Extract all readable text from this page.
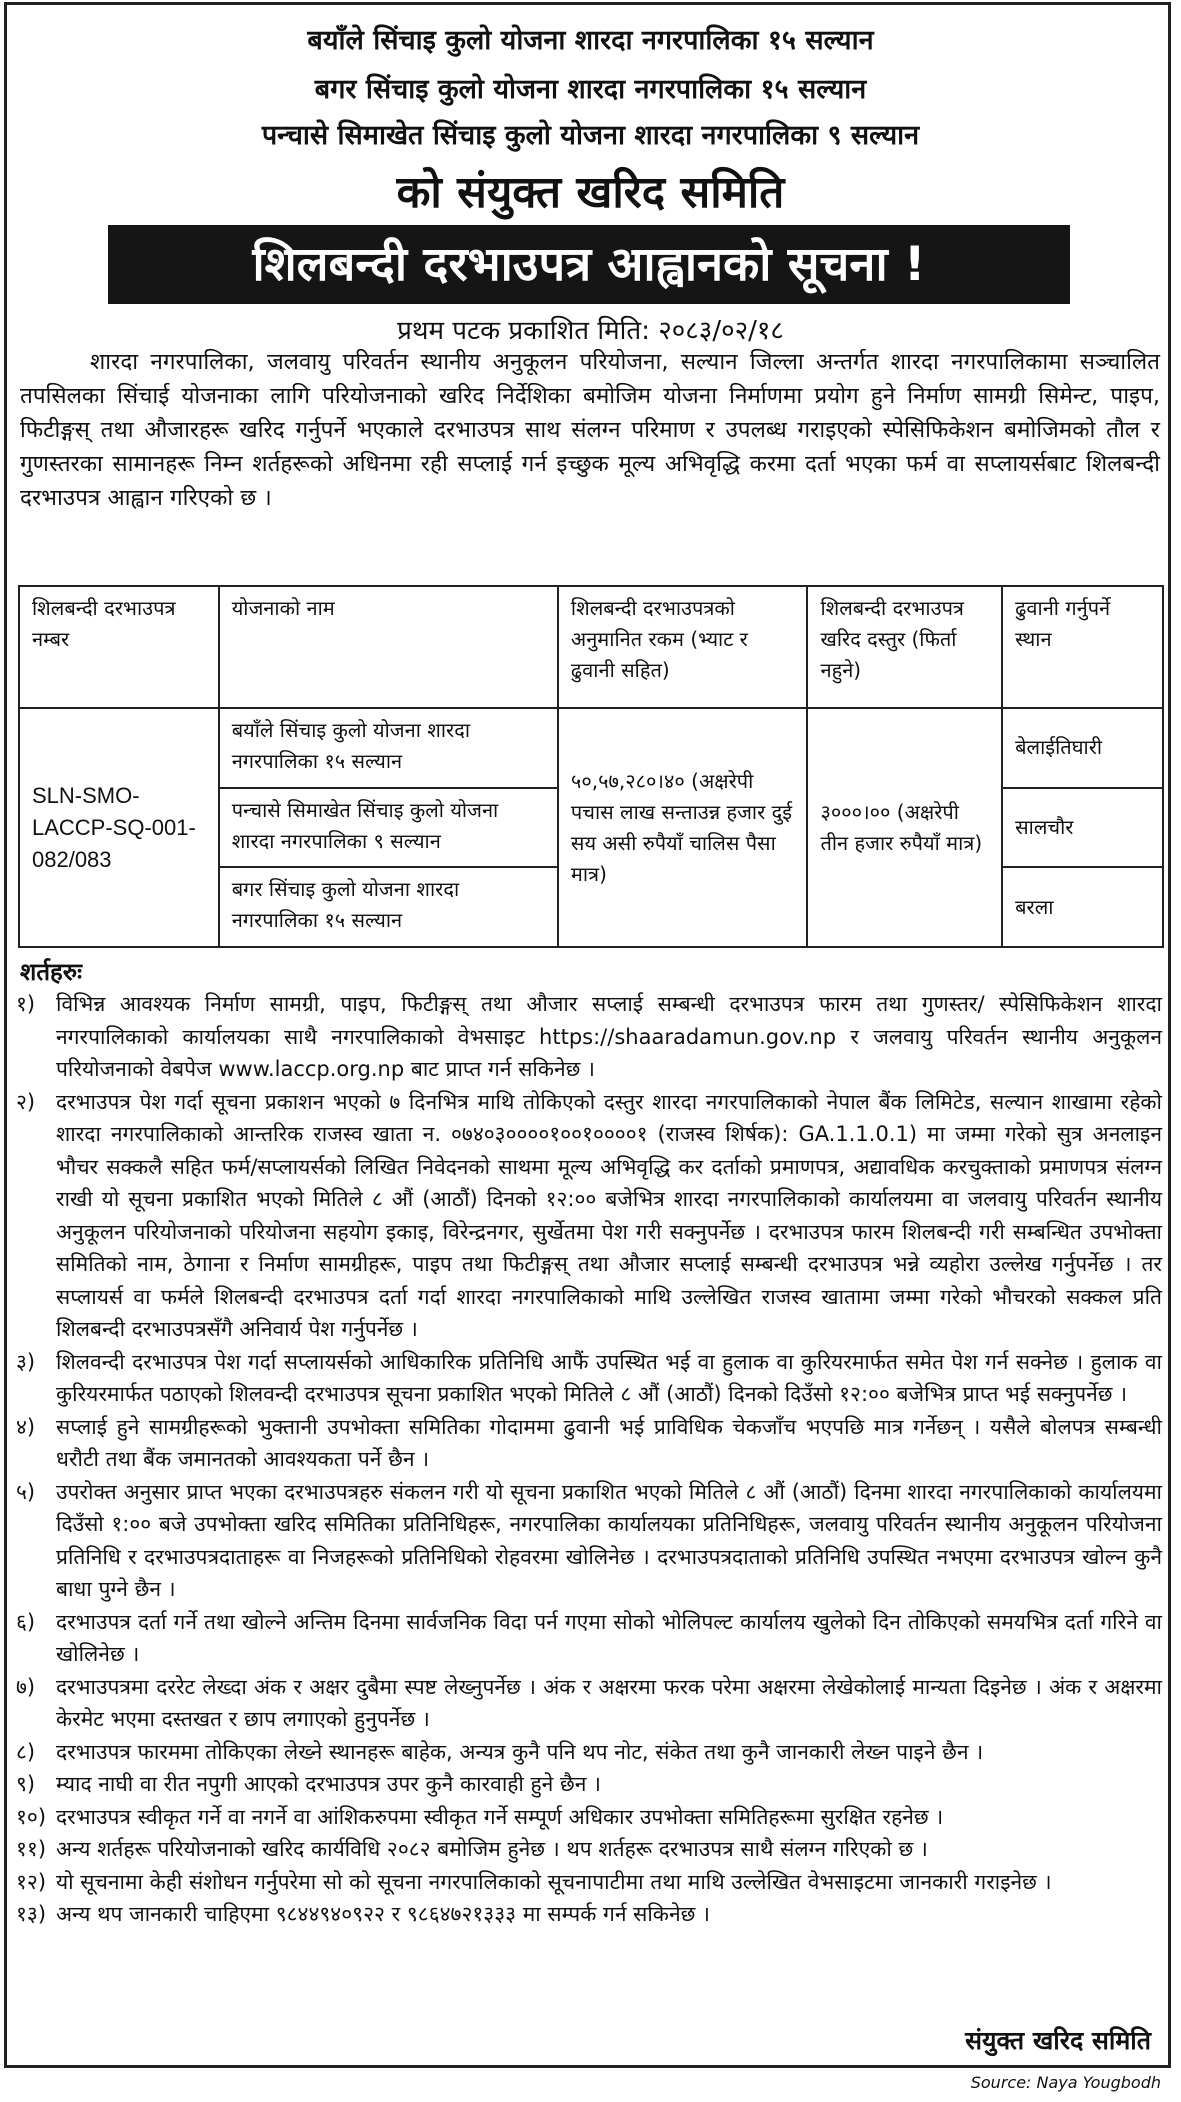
बयाँले सिंचाइ कुलो योजना शारदा नगरपालिका १५ सल्यान
बगर सिंचाइ कुलो योजना शारदा नगरपालिका १५ सल्यान
पन्चासे सिमाखेत सिंचाइ कुलो योजना शारदा नगरपालिका ९ सल्यान
को संयुक्त खरिद समिति
शिलबन्दी दरभाउपत्र आह्वानको सूचना !
प्रथम पटक प्रकाशित मिति: २०८३/०२/१८
शारदा नगरपालिका, जलवायु परिवर्तन स्थानीय अनुकूलन परियोजना, सल्यान जिल्ला अन्तर्गत शारदा नगरपालिकामा सञ्चालित तपसिलका सिंचाई योजनाका लागि परियोजनाको खरिद निर्देशिका बमोजिम योजना निर्माणमा प्रयोग हुने निर्माण सामग्री सिमेन्ट, पाइप, फिटीङ्गस् तथा औजारहरू खरिद गर्नुपर्ने भएकाले दरभाउपत्र साथ संलग्न परिमाण र उपलब्ध गराइएको स्पेसिफिकेशन बमोजिमको तौल र गुणस्तरका सामानहरू निम्न शर्तहरूको अधिनमा रही सप्लाई गर्न इच्छुक मूल्य अभिवृद्धि करमा दर्ता भएका फर्म वा सप्लायर्सबाट शिलबन्दी दरभाउपत्र आह्वान गरिएको छ ।
शिलबन्दी दरभाउपत्र नम्बर	योजनाको नाम	शिलबन्दी दरभाउपत्रको अनुमानित रकम (भ्याट र ढुवानी सहित)	शिलबन्दी दरभाउपत्र खरिद दस्तुर (फिर्ता नहुने)	ढुवानी गर्नुपर्ने स्थान
SLN-SMO-LACCP-SQ-001-082/083	बयाँले सिंचाइ कुलो योजना शारदा नगरपालिका १५ सल्यान	५०,५७,२८०।४० (अक्षरेपी पचास लाख सन्ताउन्न हजार दुई सय असी रुपैयाँ चालिस पैसा मात्र)	३०००।०० (अक्षरेपी तीन हजार रुपैयाँ मात्र)	बेलाईतिघारी
	पन्चासे सिमाखेत सिंचाइ कुलो योजना शारदा नगरपालिका ९ सल्यान			सालचौर
	बगर सिंचाइ कुलो योजना शारदा नगरपालिका १५ सल्यान			बरला
शर्तहरुः
१) विभिन्न आवश्यक निर्माण सामग्री, पाइप, फिटीङ्गस् तथा औजार सप्लाई सम्बन्धी दरभाउपत्र फारम तथा गुणस्तर/ स्पेसिफिकेशन शारदा नगरपालिकाको कार्यालयका साथै नगरपालिकाको वेभसाइट https://shaaradamun.gov.np र जलवायु परिवर्तन स्थानीय अनुकूलन परियोजनाको वेबपेज www.laccp.org.np बाट प्राप्त गर्न सकिनेछ ।
२) दरभाउपत्र पेश गर्दा सूचना प्रकाशन भएको ७ दिनभित्र माथि तोकिएको दस्तुर शारदा नगरपालिकाको नेपाल बैंक लिमिटेड, सल्यान शाखामा रहेको शारदा नगरपालिकाको आन्तरिक राजस्व खाता न. ०७४०३००००१००१००००१ (राजस्व शिर्षक): GA.1.1.0.1) मा जम्मा गरेको सुत्र अनलाइन भौचर सक्कलै सहित फर्म/सप्लायर्सको लिखित निवेदनको साथमा मूल्य अभिवृद्धि कर दर्ताको प्रमाणपत्र, अद्यावधिक करचुक्ताको प्रमाणपत्र संलग्न राखी यो सूचना प्रकाशित भएको मितिले ८ औं (आठौं) दिनको १२:०० बजेभित्र शारदा नगरपालिकाको कार्यालयमा वा जलवायु परिवर्तन स्थानीय अनुकूलन परियोजनाको परियोजना सहयोग इकाइ, विरेन्द्रनगर, सुर्खेतमा पेश गरी सक्नुपर्नेछ । दरभाउपत्र फारम शिलबन्दी गरी सम्बन्धित उपभोक्ता समितिको नाम, ठेगाना र निर्माण सामग्रीहरू, पाइप तथा फिटीङ्गस् तथा औजार सप्लाई सम्बन्धी दरभाउपत्र भन्ने व्यहोरा उल्लेख गर्नुपर्नेछ । तर सप्लायर्स वा फर्मले शिलबन्दी दरभाउपत्र दर्ता गर्दा शारदा नगरपालिकाको माथि उल्लेखित राजस्व खातामा जम्मा गरेको भौचरको सक्कल प्रति शिलबन्दी दरभाउपत्रसँगै अनिवार्य पेश गर्नुपर्नेछ ।
३) शिलवन्दी दरभाउपत्र पेश गर्दा सप्लायर्सको आधिकारिक प्रतिनिधि आफैं उपस्थित भई वा हुलाक वा कुरियरमार्फत समेत पेश गर्न सक्नेछ । हुलाक वा कुरियरमार्फत पठाएको शिलवन्दी दरभाउपत्र सूचना प्रकाशित भएको मितिले ८ औं (आठौं) दिनको दिउँसो १२:०० बजेभित्र प्राप्त भई सक्नुपर्नेछ ।
४) सप्लाई हुने सामग्रीहरूको भुक्तानी उपभोक्ता समितिका गोदाममा ढुवानी भई प्राविधिक चेकजाँच भएपछि मात्र गर्नेछन् । यसैले बोलपत्र सम्बन्धी धरौटी तथा बैंक जमानतको आवश्यकता पर्ने छैन ।
५) उपरोक्त अनुसार प्राप्त भएका दरभाउपत्रहरु संकलन गरी यो सूचना प्रकाशित भएको मितिले ८ औं (आठौं) दिनमा शारदा नगरपालिकाको कार्यालयमा दिउँसो १:०० बजे उपभोक्ता खरिद समितिका प्रतिनिधिहरू, नगरपालिका कार्यालयका प्रतिनिधिहरू, जलवायु परिवर्तन स्थानीय अनुकूलन परियोजना प्रतिनिधि र दरभाउपत्रदाताहरू वा निजहरूको प्रतिनिधिको रोहवरमा खोलिनेछ । दरभाउपत्रदाताको प्रतिनिधि उपस्थित नभएमा दरभाउपत्र खोल्न कुनै बाधा पुग्ने छैन ।
६) दरभाउपत्र दर्ता गर्ने तथा खोल्ने अन्तिम दिनमा सार्वजनिक विदा पर्न गएमा सोको भोलिपल्ट कार्यालय खुलेको दिन तोकिएको समयभित्र दर्ता गरिने वा खोलिनेछ ।
७) दरभाउपत्रमा दररेट लेख्दा अंक र अक्षर दुबैमा स्पष्ट लेख्नुपर्नेछ । अंक र अक्षरमा फरक परेमा अक्षरमा लेखेकोलाई मान्यता दिइनेछ । अंक र अक्षरमा केरमेट भएमा दस्तखत र छाप लगाएको हुनुपर्नेछ ।
८) दरभाउपत्र फारममा तोकिएका लेख्ने स्थानहरू बाहेक, अन्यत्र कुनै पनि थप नोट, संकेत तथा कुनै जानकारी लेख्न पाइने छैन ।
९) म्याद नाघी वा रीत नपुगी आएको दरभाउपत्र उपर कुनै कारवाही हुने छैन ।
१०) दरभाउपत्र स्वीकृत गर्ने वा नगर्ने वा आंशिकरुपमा स्वीकृत गर्ने सम्पूर्ण अधिकार उपभोक्ता समितिहरूमा सुरक्षित रहनेछ ।
११) अन्य शर्तहरू परियोजनाको खरिद कार्यविधि २०८२ बमोजिम हुनेछ । थप शर्तहरू दरभाउपत्र साथै संलग्न गरिएको छ ।
१२) यो सूचनामा केही संशोधन गर्नुपरेमा सो को सूचना नगरपालिकाको सूचनापाटीमा तथा माथि उल्लेखित वेभसाइटमा जानकारी गराइनेछ ।
१३) अन्य थप जानकारी चाहिएमा ९८४४९४०९२२ र ९८६४७२१३३३ मा सम्पर्क गर्न सकिनेछ ।
संयुक्त खरिद समिति
Source: Naya Yougbodh
